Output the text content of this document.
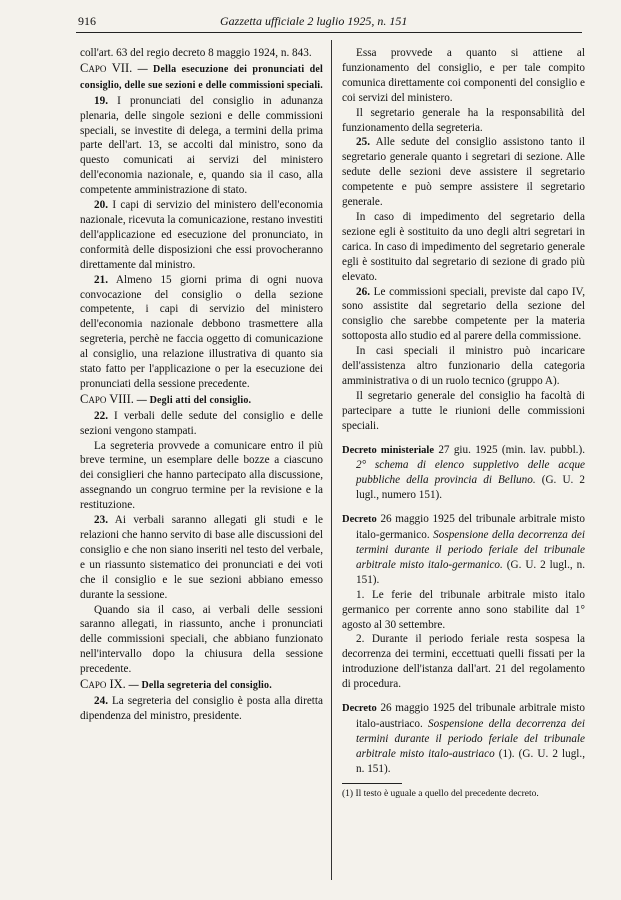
916	Gazzetta ufficiale 2 luglio 1925, n. 151

coll'art. 63 del regio decreto 8 maggio 1924, n. 843.

Capo VII. — Della esecuzione dei pronunciati del consiglio, delle sue sezioni e delle commissioni speciali.

19. I pronunciati del consiglio in adunanza plenaria, delle singole sezioni e delle commissioni speciali, se investite di delega, a termini della prima parte dell'art. 13, se accolti dal ministro, sono da questo comunicati ai servizi del ministero dell'economia nazionale, e, quando sia il caso, alla competente amministrazione di stato.

20. I capi di servizio del ministero dell'economia nazionale, ricevuta la comunicazione, restano investiti dell'applicazione ed esecuzione del pronunciato, in conformità delle disposizioni che essi provocheranno direttamente dal ministro.

21. Almeno 15 giorni prima di ogni nuova convocazione del consiglio o della sezione competente, i capi di servizio del ministero dell'economia nazionale debbono trasmettere alla segreteria, perchè ne faccia oggetto di comunicazione al consiglio, una relazione illustrativa di quanto sia stato fatto per l'applicazione o per la esecuzione dei pronunciati della sessione precedente.

Capo VIII. — Degli atti del consiglio.

22. I verbali delle sedute del consiglio e delle sezioni vengono stampati.

La segreteria provvede a comunicare entro il più breve termine, un esemplare delle bozze a ciascuno dei consiglieri che hanno partecipato alla discussione, assegnando un congruo termine per la revisione e la restituzione.

23. Ai verbali saranno allegati gli studi e le relazioni che hanno servito di base alle discussioni del consiglio e che non siano inseriti nel testo del verbale, e un riassunto sistematico dei pronunciati e dei voti che il consiglio e le sue sezioni abbiano emesso durante la sessione.

Quando sia il caso, ai verbali delle sessioni saranno allegati, in riassunto, anche i pronunciati delle commissioni speciali, che abbiano funzionato nell'intervallo dopo la chiusura della sessione precedente.

Capo IX. — Della segreteria del consiglio.

24. La segreteria del consiglio è posta alla diretta dipendenza del ministro, presidente.

Essa provvede a quanto si attiene al funzionamento del consiglio, e per tale compito comunica direttamente coi componenti del consiglio e coi servizi del ministero.

Il segretario generale ha la responsabilità del funzionamento della segreteria.

25. Alle sedute del consiglio assistono tanto il segretario generale quanto i segretari di sezione. Alle sedute delle sezioni deve assistere il segretario competente e può sempre assistere il segretario generale.

In caso di impedimento del segretario della sezione egli è sostituito da uno degli altri segretari in carica. In caso di impedimento del segretario generale egli è sostituito dal segretario di sezione di grado più elevato.

26. Le commissioni speciali, previste dal capo IV, sono assistite dal segretario della sezione del consiglio che sarebbe competente per la materia sottoposta allo studio ed al parere della commissione.

In casi speciali il ministro può incaricare dell'assistenza altro funzionario della categoria amministrativa o di un ruolo tecnico (gruppo A).

Il segretario generale del consiglio ha facoltà di partecipare a tutte le riunioni delle commissioni speciali.

Decreto ministeriale 27 giu. 1925 (min. lav. pubbl.). 2° schema di elenco suppletivo delle acque pubbliche della provincia di Belluno. (G. U. 2 lugl., numero 151).

Decreto 26 maggio 1925 del tribunale arbitrale misto italo-germanico. Sospensione della decorrenza dei termini durante il periodo feriale del tribunale arbitrale misto italo-germanico. (G. U. 2 lugl., n. 151).

1. Le ferie del tribunale arbitrale misto italo germanico per corrente anno sono stabilite dal 1° agosto al 30 settembre.

2. Durante il periodo feriale resta sospesa la decorrenza dei termini, eccettuati quelli fissati per la introduzione dell'istanza dall'art. 21 del regolamento di procedura.

Decreto 26 maggio 1925 del tribunale arbitrale misto italo-austriaco. Sospensione della decorrenza dei termini durante il periodo feriale del tribunale arbitrale misto italo-austriaco (1). (G. U. 2 lugl., n. 151).

(1) Il testo è uguale a quello del precedente decreto.
